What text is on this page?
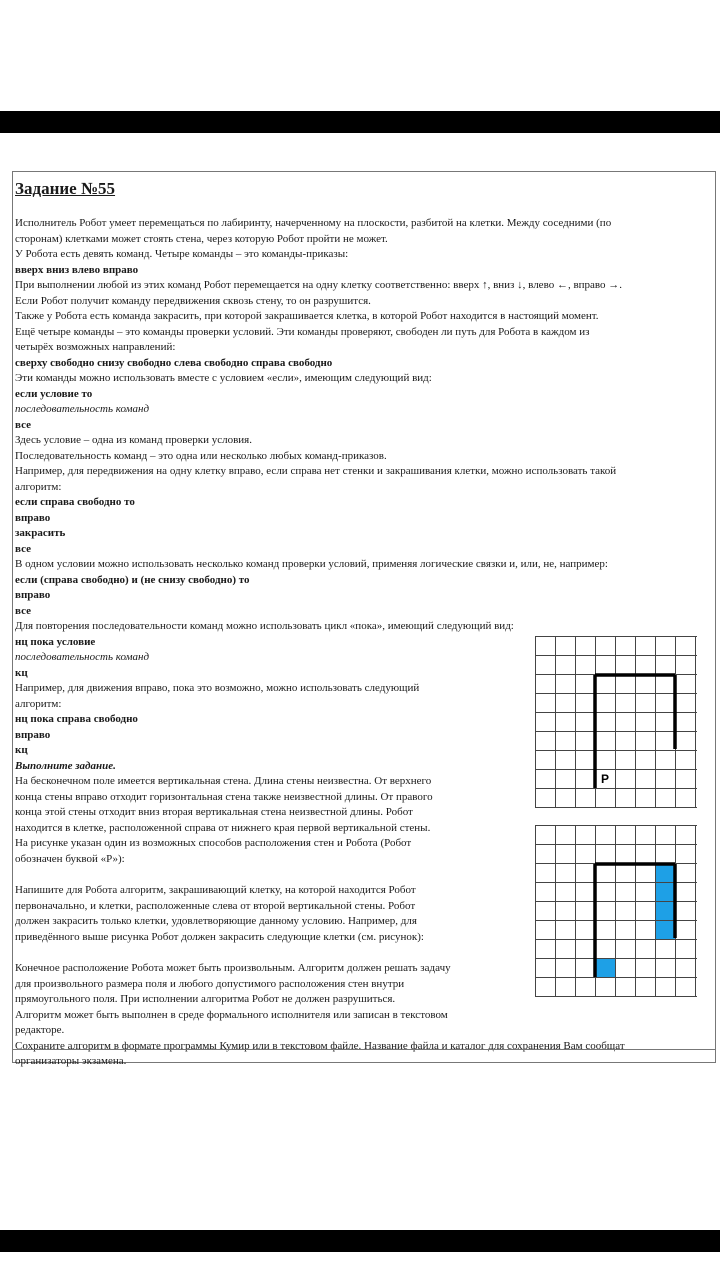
Задание №55
Исполнитель Робот умеет перемещаться по лабиринту, начерченному на плоскости, разбитой на клетки. Между соседними (по
сторонам) клетками может стоять стена, через которую Робот пройти не может.
У Робота есть девять команд. Четыре команды – это команды-приказы:
вверх вниз влево вправо
При выполнении любой из этих команд Робот перемещается на одну клетку соответственно: вверх ↑, вниз ↓, влево ←, вправо →.
Если Робот получит команду передвижения сквозь стену, то он разрушится.
Также у Робота есть команда закрасить, при которой закрашивается клетка, в которой Робот находится в настоящий момент.
Ещё четыре команды – это команды проверки условий. Эти команды проверяют, свободен ли путь для Робота в каждом из
четырёх возможных направлений:
сверху свободно снизу свободно слева свободно справа свободно
Эти команды можно использовать вместе с условием «если», имеющим следующий вид:
если условие то
последовательность команд
все
Здесь условие – одна из команд проверки условия.
Последовательность команд – это одна или несколько любых команд-приказов.
Например, для передвижения на одну клетку вправо, если справа нет стенки и закрашивания клетки, можно использовать такой
алгоритм:
если справа свободно то
вправо
закрасить
все
В одном условии можно использовать несколько команд проверки условий, применяя логические связки и, или, не, например:
если (справа свободно) и (не снизу свободно) то
вправо
все
Для повторения последовательности команд можно использовать цикл «пока», имеющий следующий вид:
нц пока условие
последовательность команд
кц
Например, для движения вправо, пока это возможно, можно использовать следующий
алгоритм:
нц пока справа свободно
вправо
кц
Выполните задание.
На бесконечном поле имеется вертикальная стена. Длина стены неизвестна. От верхнего
конца стены вправо отходит горизонтальная стена также неизвестной длины. От правого
конца этой стены отходит вниз вторая вертикальная стена неизвестной длины. Робот
находится в клетке, расположенной справа от нижнего края первой вертикальной стены.
На рисунке указан один из возможных способов расположения стен и Робота (Робот
обозначен буквой «Р»):
Напишите для Робота алгоритм, закрашивающий клетку, на которой находится Робот
первоначально, и клетки, расположенные слева от второй вертикальной стены. Робот
должен закрасить только клетки, удовлетворяющие данному условию. Например, для
приведённого выше рисунка Робот должен закрасить следующие клетки (см. рисунок):
Конечное расположение Робота может быть произвольным. Алгоритм должен решать задачу
для произвольного размера поля и любого допустимого расположения стен внутри
прямоугольного поля. При исполнении алгоритма Робот не должен разрушиться.
Алгоритм может быть выполнен в среде формального исполнителя или записан в текстовом
редакторе.
Сохраните алгоритм в формате программы Кумир или в текстовом файле. Название файла и каталог для сохранения Вам сообщат
организаторы экзамена.
Р
